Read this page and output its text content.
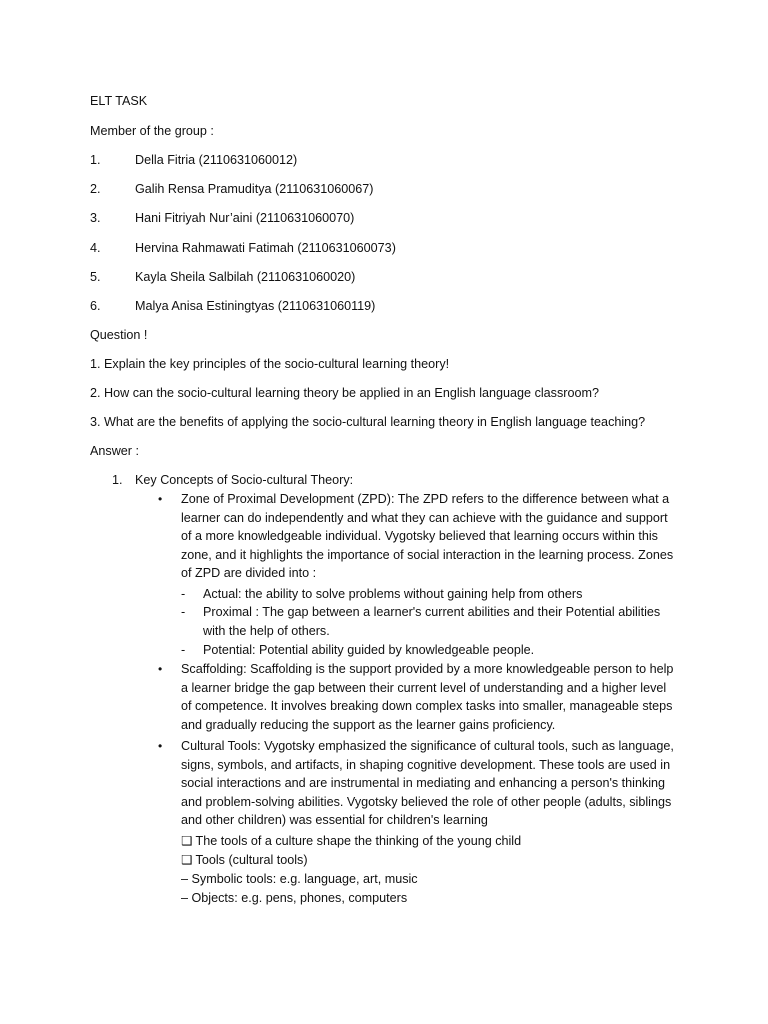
ELT TASK
Member of the group :
1.	Della Fitria (2110631060012)
2.	Galih Rensa Pramuditya (2110631060067)
3.	Hani Fitriyah Nur’aini (2110631060070)
4.	Hervina Rahmawati Fatimah (2110631060073)
5.	Kayla Sheila Salbilah (2110631060020)
6.	Malya Anisa Estiningtyas (2110631060119)
Question !
1. Explain the key principles of the socio-cultural learning theory!
2. How can the socio-cultural learning theory be applied in an English language classroom?
3. What are the benefits of applying the socio-cultural learning theory in English language teaching?
Answer :
1. Key Concepts of Socio-cultural Theory:
• Zone of Proximal Development (ZPD): The ZPD refers to the difference between what a learner can do independently and what they can achieve with the guidance and support of a more knowledgeable individual. Vygotsky believed that learning occurs within this zone, and it highlights the importance of social interaction in the learning process. Zones of ZPD are divided into :
- Actual: the ability to solve problems without gaining help from others
- Proximal : The gap between a learner's current abilities and their Potential abilities with the help of others.
- Potential: Potential ability guided by knowledgeable people.
• Scaffolding: Scaffolding is the support provided by a more knowledgeable person to help a learner bridge the gap between their current level of understanding and a higher level of competence. It involves breaking down complex tasks into smaller, manageable steps and gradually reducing the support as the learner gains proficiency.
• Cultural Tools: Vygotsky emphasized the significance of cultural tools, such as language, signs, symbols, and artifacts, in shaping cognitive development. These tools are used in social interactions and are instrumental in mediating and enhancing a person's thinking and problem-solving abilities. Vygotsky believed the role of other people (adults, siblings and other children) was essential for children's learning
❑ The tools of a culture shape the thinking of the young child
❑ Tools (cultural tools)
– Symbolic tools: e.g. language, art, music
– Objects: e.g. pens, phones, computers
